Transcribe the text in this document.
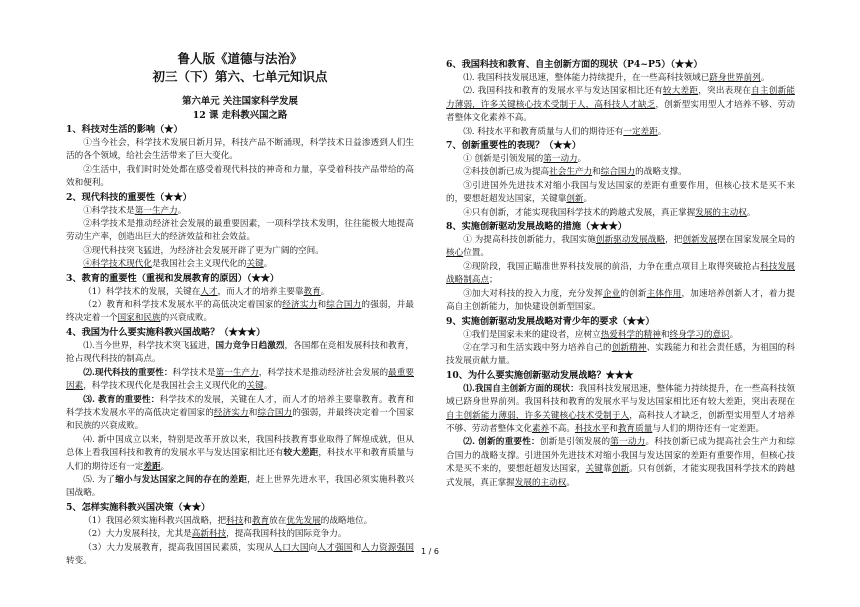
鲁人版《道德与法治》
初三（下）第六、七单元知识点
第六单元 关注国家科学发展
12 课 走科教兴国之路
1、科技对生活的影响（★）
①当今社会，科学技术发展日新月异，科技产品不断涌现，科学技术日益渗透到人们生活的各个领域，给社会生活带来了巨大变化。
②生活中，我们时时处处都在感受着现代科技的神奇和力量，享受着科技产品带给的高效和便利。
2、现代科技的重要性（★★）
①科学技术是第一生产力。
②科学技术是推动经济社会发展的最重要因素，一项科学技术发明，往往能极大地提高劳动生产率，创造出巨大的经济效益和社会效益。
③现代科技突飞猛进，为经济社会发展开辟了更为广阔的空间。
④科学技术现代化是我国社会主义现代化的关键。
3、教育的重要性（重视和发展教育的原因）（★★）
（1）科学技术的发展，关键在人才，而人才的培养主要靠教育。
（2）教育和科学技术发展水平的高低决定着国家的经济实力和综合国力的强弱，并最终决定着一个国家和民族的兴衰成败。
4、我国为什么要实施科教兴国战略？（★★★）
⑴.当今世界，科学技术突飞猛进，国力竞争日趋激烈，各国都在竞相发展科技和教育，抢占现代科技的制高点。
⑵.现代科技的重要性：科学技术是第一生产力，科学技术是推动经济社会发展的最重要因素，科学技术现代化是我国社会主义现代化的关键。
⑶. 教育的重要性：科学技术的发展，关键在人才，而人才的培养主要靠教育。教育和科学技术发展水平的高低决定着国家的经济实力和综合国力的强弱，并最终决定着一个国家和民族的兴衰成败。
⑷. 新中国成立以来，特别是改革开放以来，我国科技教育事业取得了辉煌成就，但从总体上看我国科技和教育的发展水平与发达国家相比还有较大差距，科技水平和教育质量与人们的期待还有一定差距。
⑸. 为了缩小与发达国家之间的存在的差距，赶上世界先进水平，我国必须实施科教兴国战略。
5、怎样实施科教兴国决策（★★）
（1）我国必须实施科教兴国战略，把科技和教育放在优先发展的战略地位。
（2）大力发展科技，尤其是高新科技，提高我国科技的国际竞争力。
（3）大力发展教育，提高我国国民素质，实现从人口大国向人才强国和人力资源强国转变。
6、我国科技和教育、自主创新方面的现状（P4~P5）（★★）
⑴. 我国科技发展迅速，整体能力持续提升，在一些高科技领域已跻身世界前列。
⑵. 我国科技和教育的发展水平与发达国家相比还有较大差距，突出表现在自主创新能力薄弱，许多关键核心技术受制于人，高科技人才缺乏，创新型实用型人才培养不够、劳动者整体文化素养不高。
⑶. 科技水平和教育质量与人们的期待还有一定差距。
7、创新重要性的表现？（★★）
① 创新是引领发展的第一动力。
②科技创新已成为提高社会生产力和综合国力的战略支撑。
③引进国外先进技术对缩小我国与发达国家的差距有重要作用，但核心技术是买不来的，要想赶超发达国家，关键靠创新。
④只有创新，才能实现我国科学技术的跨越式发展，真正掌握发展的主动权。
8、实施创新驱动发展战略的措施（★★★）
① 为提高科技创新能力，我国实施创新驱动发展战略，把创新发展摆在国家发展全局的核心位置。
②现阶段，我国正瞄准世界科技发展的前沿，力争在重点项目上取得突破抢占科技发展战略制高点；
③加大对科技的投入力度，充分发挥企业的创新主体作用，加速培养创新人才，着力提高自主创新能力，加快建设创新型国家。
9、实施创新驱动发展战略对青少年的要求（★★）
①我们是国家未来的建设者，应树立热爱科学的精神和终身学习的意识。
②在学习和生活实践中努力培养自己的创新精神、实践能力和社会责任感，为祖国的科技发展贡献力量。
10、为什么要实施创新驱动发展战略？★★★
⑴.我国自主创新方面的现状：我国科技发展迅速，整体能力持续提升，在一些高科技领域已跻身世界前列。我国科技和教育的发展水平与发达国家相比还有较大差距，突出表现在自主创新能力薄弱，许多关键核心技术受制于人，高科技人才缺乏，创新型实用型人才培养不够、劳动者整体文化素养不高。科技水平和教育质量与人们的期待还有一定差距。
⑵. 创新的重要性：创新是引领发展的第一动力。科技创新已成为提高社会生产力和综合国力的战略支撑。引进国外先进技术对缩小我国与发达国家的差距有重要作用，但核心技术是买不来的，要想赶超发达国家，关键靠创新。只有创新，才能实现我国科学技术的跨越式发展，真正掌握发展的主动权。
1 / 6
